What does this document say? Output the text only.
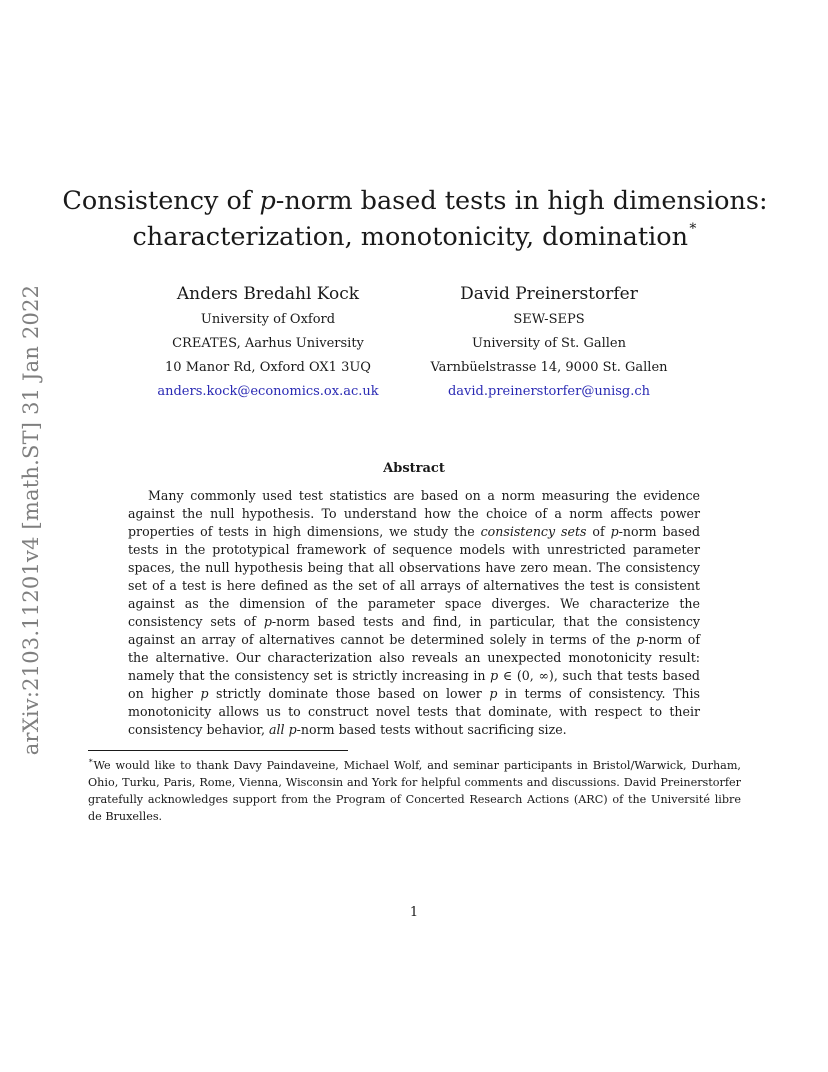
arXiv:2103.11201v4 [math.ST] 31 Jan 2022
Consistency of p-norm based tests in high dimensions:
characterization, monotonicity, domination∗
Anders Bredahl Kock
University of Oxford
CREATES, Aarhus University
10 Manor Rd, Oxford OX1 3UQ
anders.kock@economics.ox.ac.uk
David Preinerstorfer
SEW-SEPS
University of St. Gallen
Varnbüelstrasse 14, 9000 St. Gallen
david.preinerstorfer@unisg.ch
Abstract

Many commonly used test statistics are based on a norm measuring the evidence against the null hypothesis. To understand how the choice of a norm affects power properties of tests in high dimensions, we study the consistency sets of p-norm based tests in the prototypical framework of sequence models with unrestricted parameter spaces, the null hypothesis being that all observations have zero mean. The consistency set of a test is here defined as the set of all arrays of alternatives the test is consistent against as the dimension of the parameter space diverges. We characterize the consistency sets of p-norm based tests and find, in particular, that the consistency against an array of alternatives cannot be determined solely in terms of the p-norm of the alternative. Our characterization also reveals an unexpected monotonicity result: namely that the consistency set is strictly increasing in p ∈ (0, ∞), such that tests based on higher p strictly dominate those based on lower p in terms of consistency. This monotonicity allows us to construct novel tests that dominate, with respect to their consistency behavior, all p-norm based tests without sacrificing size.

∗We would like to thank Davy Paindaveine, Michael Wolf, and seminar participants in Bristol/Warwick, Durham, Ohio, Turku, Paris, Rome, Vienna, Wisconsin and York for helpful comments and discussions. David Preinerstorfer gratefully acknowledges support from the Program of Concerted Research Actions (ARC) of the Université libre de Bruxelles.

1
